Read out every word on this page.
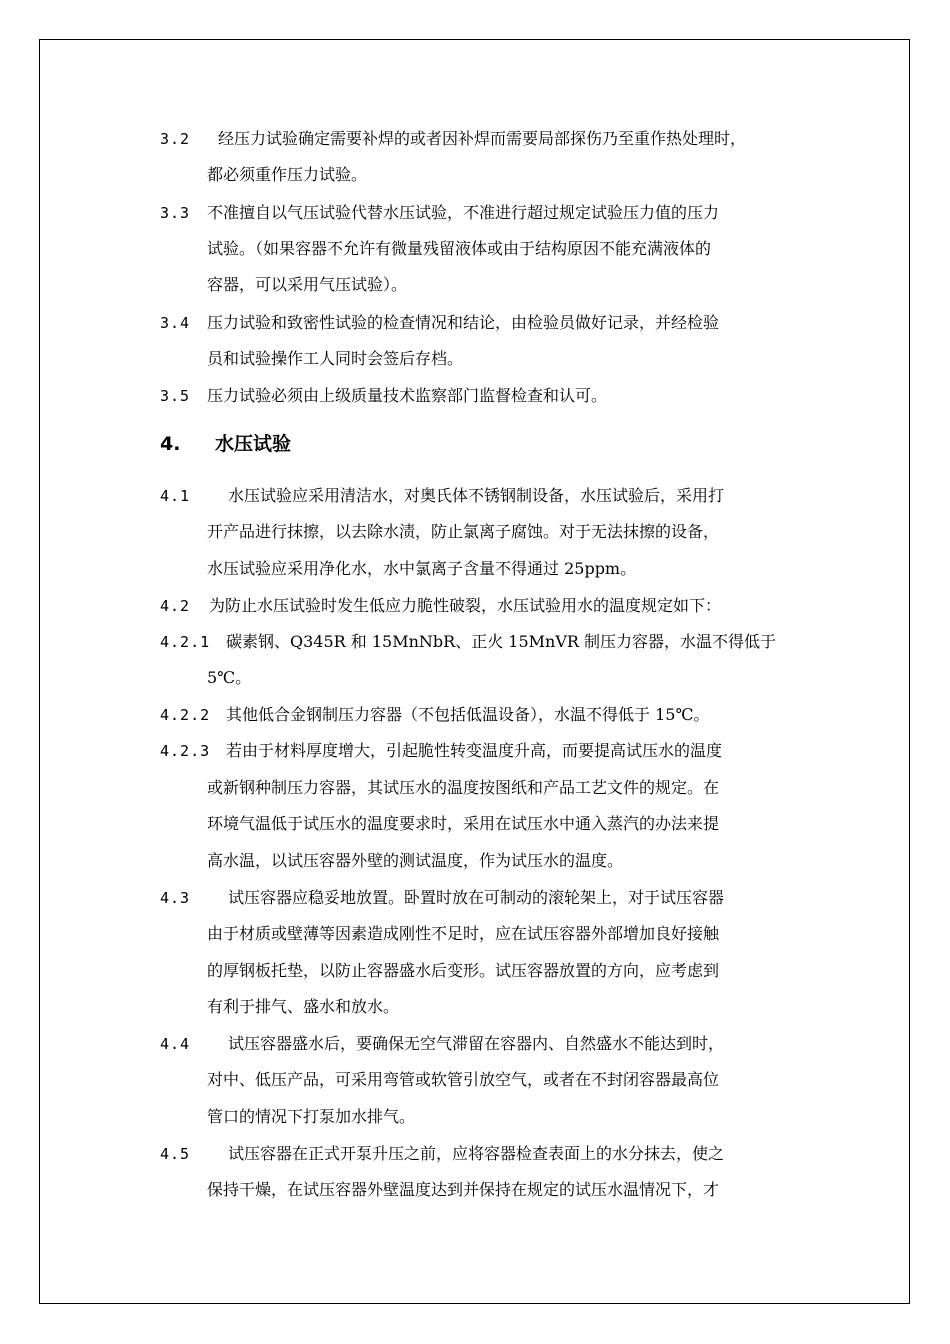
3.2 经压力试验确定需要补焊的或者因补焊而需要局部探伤乃至重作热处理时，
都必须重作压力试验。
3.3 不准擅自以气压试验代替水压试验，不准进行超过规定试验压力值的压力
试验。（如果容器不允许有微量残留液体或由于结构原因不能充满液体的
容器，可以采用气压试验）。
3.4 压力试验和致密性试验的检查情况和结论，由检验员做好记录，并经检验
员和试验操作工人同时会签后存档。
3.5 压力试验必须由上级质量技术监察部门监督检查和认可。
4. 水压试验
4.1 水压试验应采用清洁水，对奥氏体不锈钢制设备，水压试验后，采用打
开产品进行抹擦，以去除水渍，防止氯离子腐蚀。对于无法抹擦的设备，
水压试验应采用净化水，水中氯离子含量不得通过 25ppm。
4.2 为防止水压试验时发生低应力脆性破裂，水压试验用水的温度规定如下：
4.2.1 碳素钢、Q345R 和 15MnNbR、正火 15MnVR 制压力容器，水温不得低于
5℃。
4.2.2 其他低合金钢制压力容器（不包括低温设备），水温不得低于 15℃。
4.2.3 若由于材料厚度增大，引起脆性转变温度升高，而要提高试压水的温度
或新钢种制压力容器，其试压水的温度按图纸和产品工艺文件的规定。在
环境气温低于试压水的温度要求时，采用在试压水中通入蒸汽的办法来提
高水温，以试压容器外壁的测试温度，作为试压水的温度。
4.3 试压容器应稳妥地放置。卧置时放在可制动的滚轮架上，对于试压容器
由于材质或壁薄等因素造成刚性不足时，应在试压容器外部增加良好接触
的厚钢板托垫，以防止容器盛水后变形。试压容器放置的方向，应考虑到
有利于排气、盛水和放水。
4.4 试压容器盛水后，要确保无空气滞留在容器内、自然盛水不能达到时，
对中、低压产品，可采用弯管或软管引放空气，或者在不封闭容器最高位
管口的情况下打泵加水排气。
4.5 试压容器在正式开泵升压之前，应将容器检查表面上的水分抹去，使之
保持干燥，在试压容器外壁温度达到并保持在规定的试压水温情况下，才
